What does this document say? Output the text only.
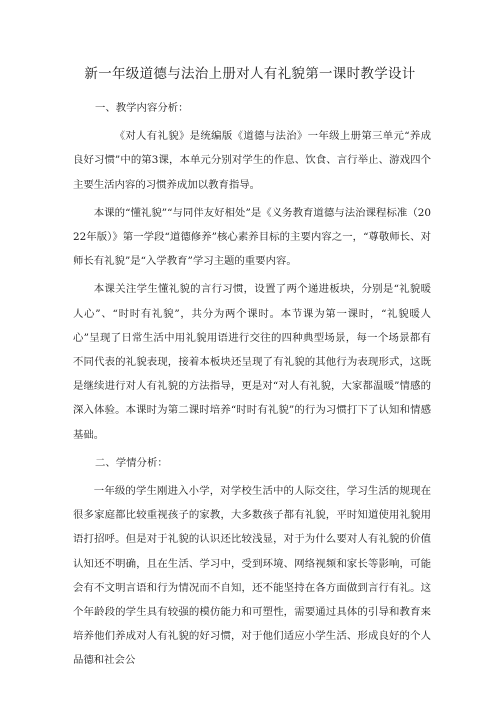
新一年级道德与法治上册对人有礼貌第一课时教学设计

一、教学内容分析：

《对人有礼貌》是统编版《道德与法治》一年级上册第三单元“养成良好习惯”中的第3课，本单元分别对学生的作息、饮食、言行举止、游戏四个主要生活内容的习惯养成加以教育指导。

本课的“懂礼貌”“与同伴友好相处”是《义务教育道德与法治课程标准（2022年版）》第一学段“道德修养”核心素养目标的主要内容之一，“尊敬师长、对师长有礼貌”是“入学教育”学习主题的重要内容。

本课关注学生懂礼貌的言行习惯，设置了两个递进板块，分别是“礼貌暖人心”、“时时有礼貌”，共分为两个课时。本节课为第一课时，“礼貌暖人心”呈现了日常生活中用礼貌用语进行交往的四种典型场景，每一个场景都有不同代表的礼貌表现，接着本板块还呈现了有礼貌的其他行为表现形式，这既是继续进行对人有礼貌的方法指导，更是对“对人有礼貌，大家都温暖”情感的深入体验。本课时为第二课时培养“时时有礼貌”的行为习惯打下了认知和情感基础。

二、学情分析：

一年级的学生刚进入小学，对学校生活中的人际交往，学习生活的规现在很多家庭都比较重视孩子的家教，大多数孩子都有礼貌，平时知道使用礼貌用语打招呼。但是对于礼貌的认识还比较浅显，对于为什么要对人有礼貌的价值认知还不明确，且在生活、学习中，受到环境、网络视频和家长等影响，可能会有不文明言语和行为情况而不自知，还不能坚持在各方面做到言行有礼。这个年龄段的学生具有较强的模仿能力和可塑性，需要通过具体的引导和教育来培养他们养成对人有礼貌的好习惯，对于他们适应小学生活、形成良好的个人品德和社会公
